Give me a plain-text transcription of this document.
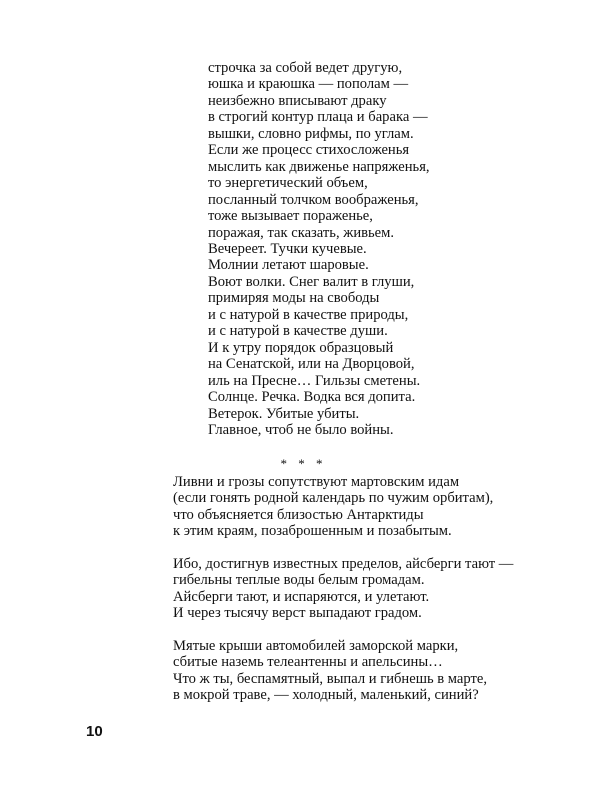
строчка за собой ведет другую,
юшка и краюшка — пополам —
неизбежно вписывают драку
в строгий контур плаца и барака —
вышки, словно рифмы, по углам.
Если же процесс стихосложенья
мыслить как движенье напряженья,
то энергетический объем,
посланный толчком воображенья,
тоже вызывает пораженье,
поражая, так сказать, живьем.
Вечереет. Тучки кучевые.
Молнии летают шаровые.
Воют волки. Снег валит в глуши,
примиряя моды на свободы
и с натурой в качестве природы,
и с натурой в качестве души.
И к утру порядок образцовый
на Сенатской, или на Дворцовой,
иль на Пресне… Гильзы сметены.
Солнце. Речка. Водка вся допита.
Ветерок. Убитые убиты.
Главное, чтоб не было войны.
* * *
Ливни и грозы сопутствуют мартовским идам
(если гонять родной календарь по чужим орбитам),
что объясняется близостью Антарктиды
к этим краям, позаброшенным и позабытым.
Ибо, достигнув известных пределов, айсберги тают —
гибельны теплые воды белым громадам.
Айсберги тают, и испаряются, и улетают.
И через тысячу верст выпадают градом.
Мятые крыши автомобилей заморской марки,
сбитые наземь телеантенны и апельсины…
Что ж ты, беспамятный, выпал и гибнешь в марте,
в мокрой траве, — холодный, маленький, синий?
10
